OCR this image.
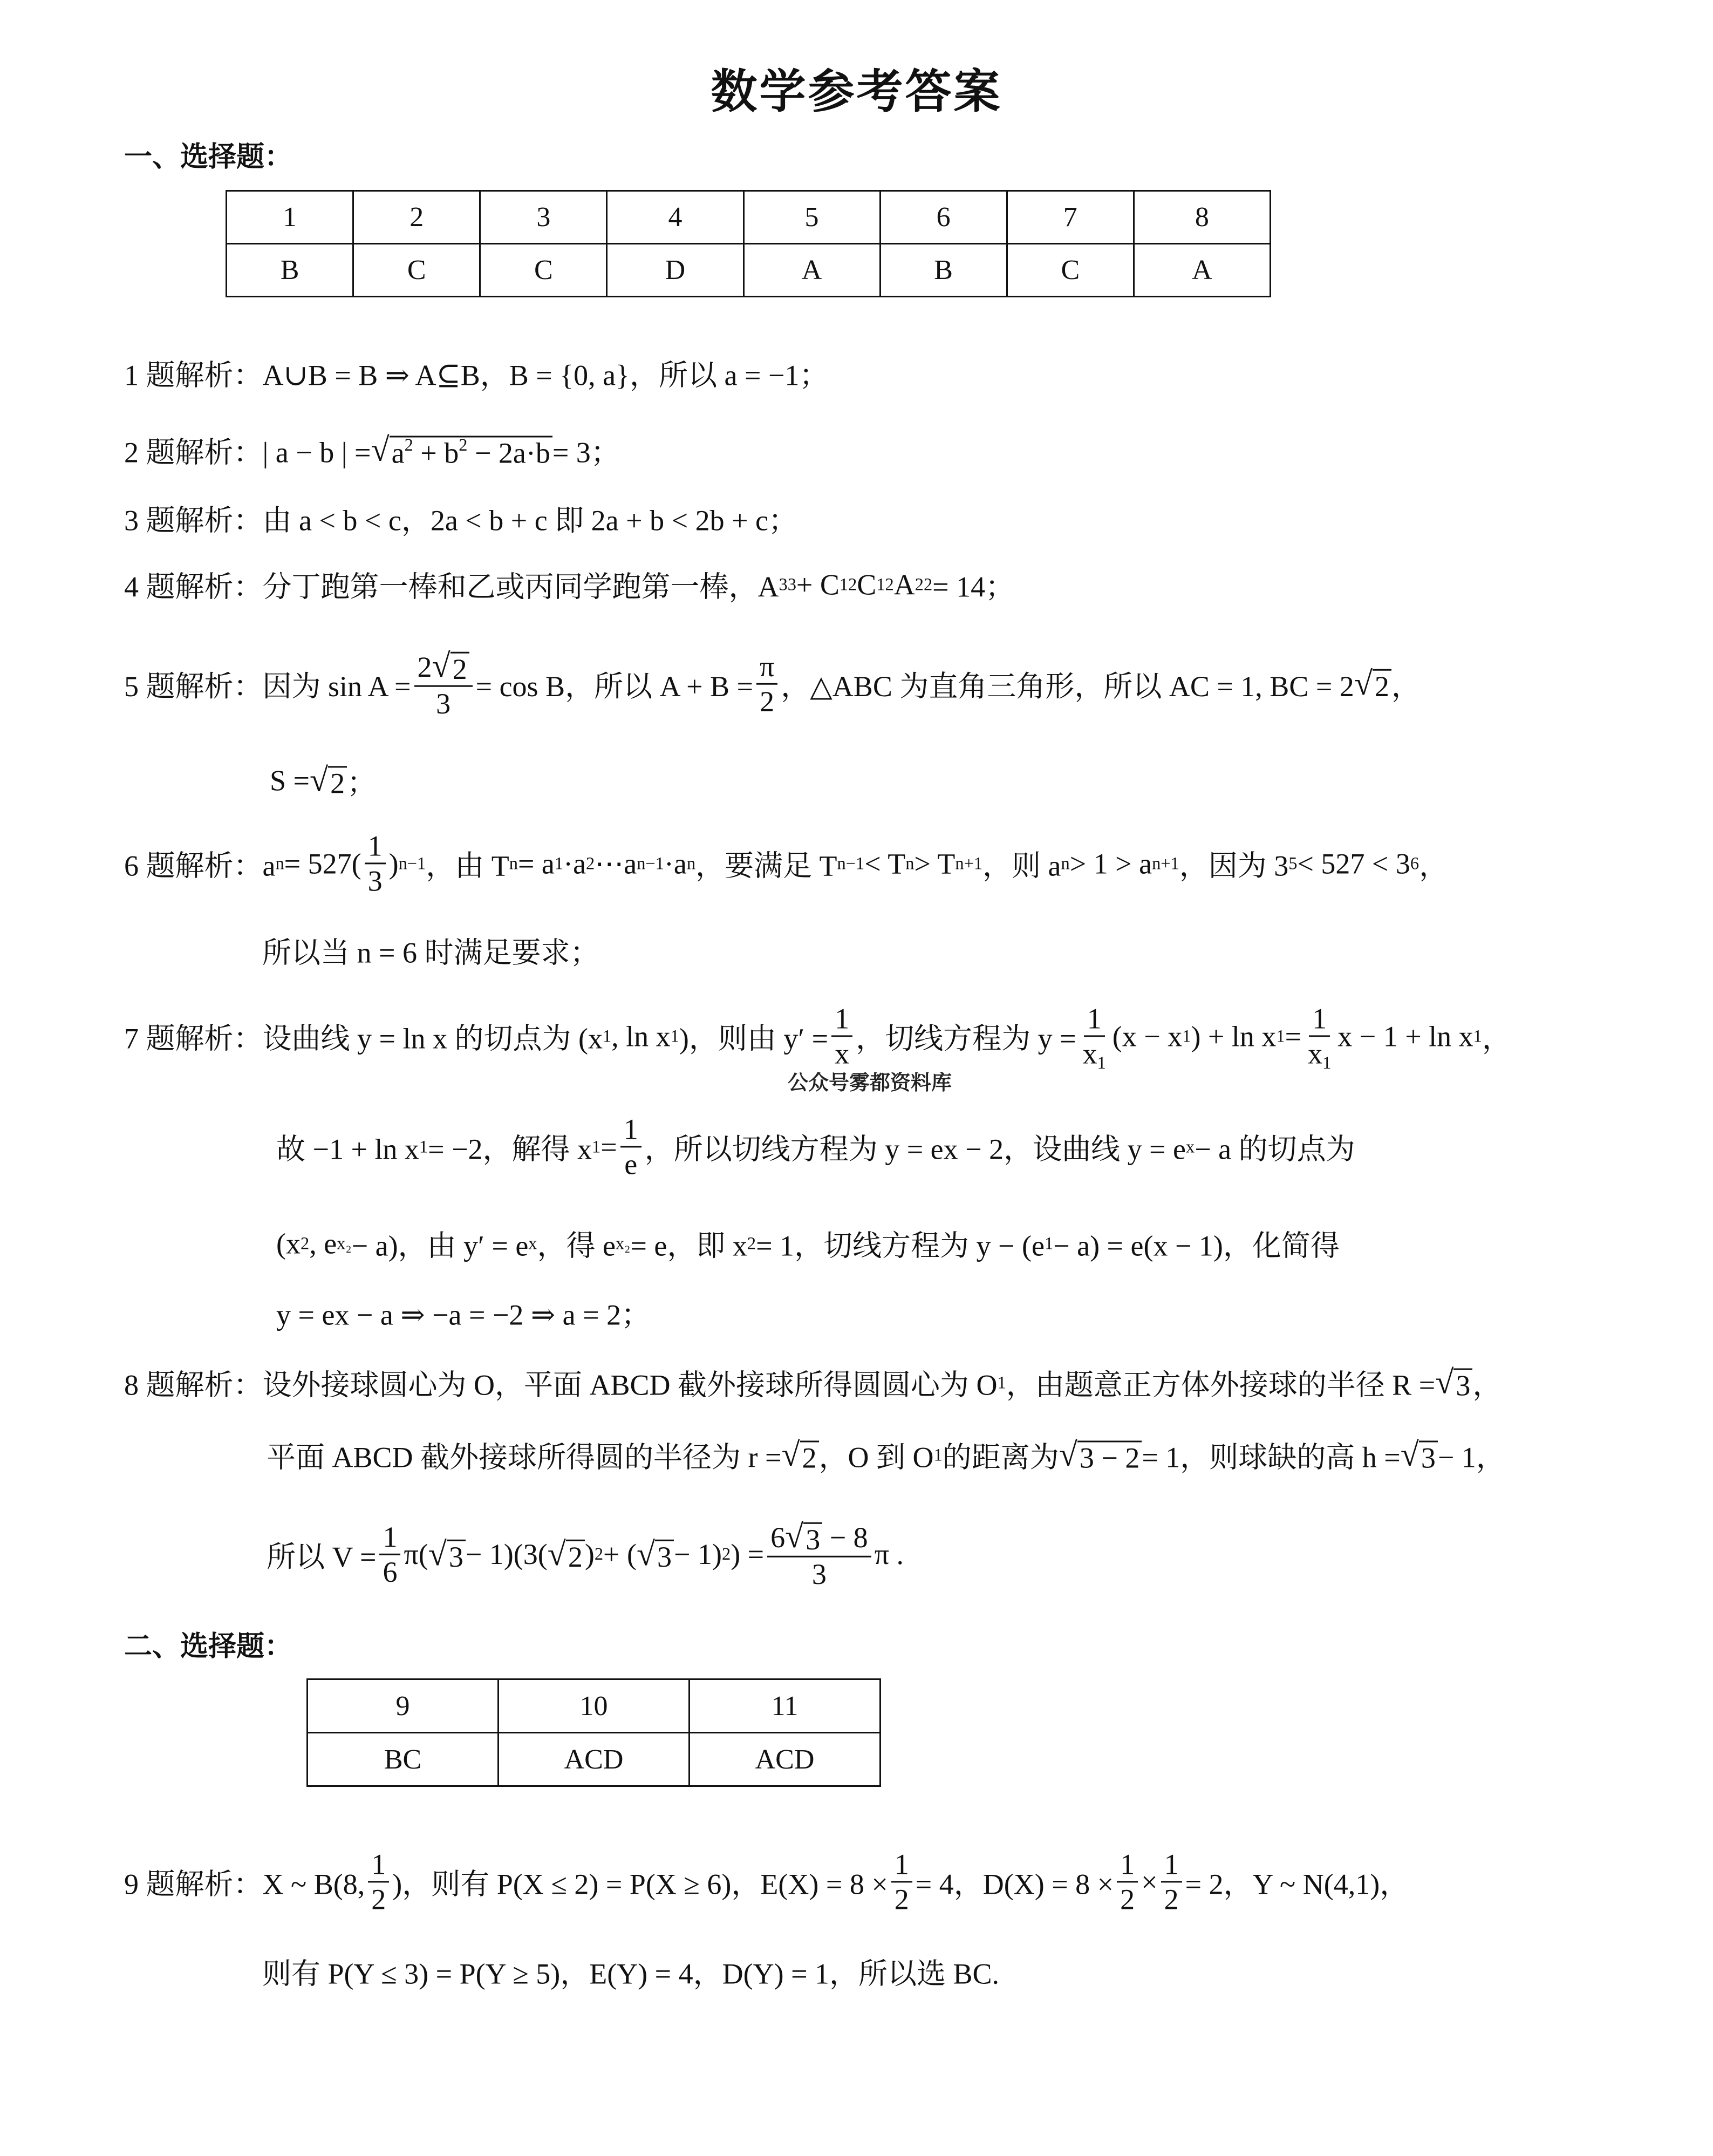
数学参考答案
一、选择题：
1	2	3	4	5	6	7	8
B	C	C	D	A	B	C	A
二、选择题：
9	10	11
BC	ACD	ACD
1 题解析：A∪B = B ⇒ A⊆B，B = {0, a}，所以 a = −1；
2 题解析：| a − b | = √ $a^2 + b^2 - 2a\cdot b = 3$；
3 题解析：由 a < b < c，2a < b + c 即 2a + b < 2b + c；
4 题解析：分丁跑第一棒和乙或丙同学跑第一棒，A 3 3 + C 1 2 C 1 2 A 2 2 = 14；
5 题解析：因为 $\sin A = \frac{2 √ 2}{3} = \cos B$，所以 $A + B = \frac{\pi}{2}$ ，△ABC 为直角三角形，所以 AC = 1, BC = 2 √ 2 ，
S = √ 2 ；
6 题解析：a $n = 527( \frac{1}{3}$ ) n−1 ，由 T n = a 1 ·a 2 ⋯a n−1 ·a n ，要满足 T n−1 < T n > T n+1 ，则 a n > 1 > a n+1 ，因为 3 5 < 527 < 3 6 ，
所以当 n = 6 时满足要求；
7 题解析：设曲线 y = ln x 的切点为 (x 1 , ln x 1 )，则由 $y' = \frac{1}{x}$ ，切线方程为 $y = \frac{1}{x_1} (x - x$ 1 ) + ln x $1 = \frac{1}{x_1}$ x − 1 + ln x 1 ，
故 −1 + ln x 1 = −2，解得 x $1 = \frac{1}{e}$ ，所以切线方程为 y = ex − 2，设曲线 y = e x − a 的切点为
(x 2 , e x₂ − a)，由 y′ = e x ，得 e x₂ = e，即 x 2 = 1，切线方程为 y − (e 1 − a) = e(x − 1)，化简得
y = ex − a ⇒ −a = −2 ⇒ a = 2；
8 题解析：设外接球圆心为 O，平面 ABCD 截外接球所得圆圆心为 O 1 ，由题意正方体外接球的半径 R = √ 3 ，
平面 ABCD 截外接球所得圆的半径为 r = √ 2 ，O 到 O 1 的距离为 √ 3 − 2 = 1，则球缺的高 h = √ 3 − 1，
所以 $V = \frac{1}{6} \pi$( √ 3 − 1)(3( √ 2 ) 2 + ( √ 3 − 1) 2 ) = $\frac{6 √ 3 - 8}{3}$ π .
9 题解析：X ~ B(8, $\frac{1}{2}$ )，则有 P(X ≤ 2) = P(X ≥ 6)，$E(X) = 8 \times \frac{1}{2} = 4$，$D(X) = 8 \times \frac{1}{2} \times \frac{1}{2} = 2$，Y ~ N(4,1)，
则有 P(Y ≤ 3) = P(Y ≥ 5)，E(Y) = 4，D(Y) = 1，所以选 BC.
公众号雾都资料库
